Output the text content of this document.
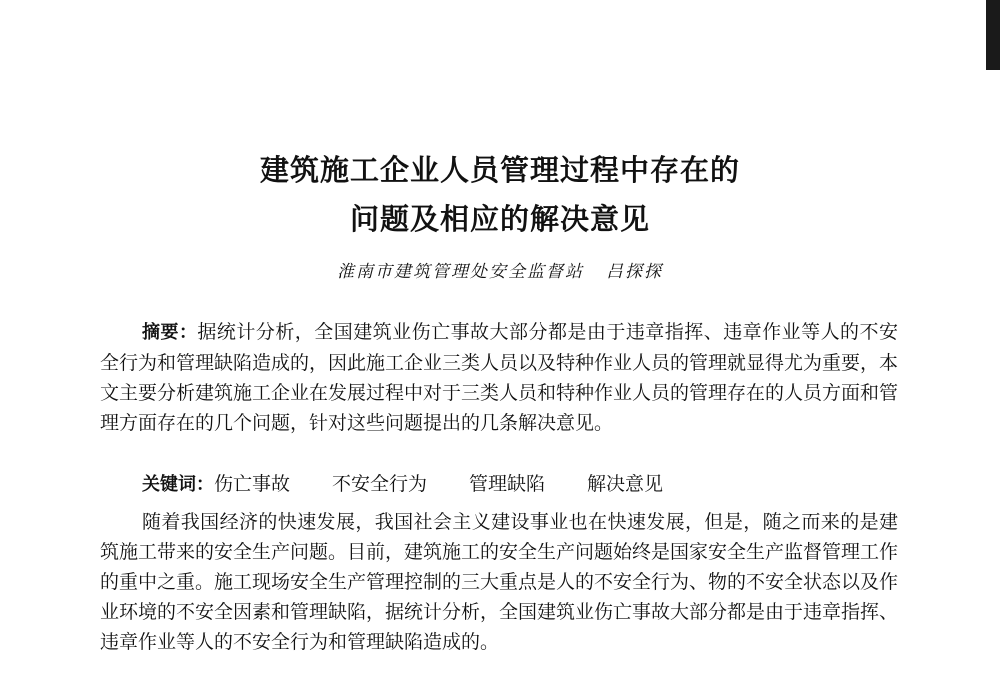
建筑施工企业人员管理过程中存在的
问题及相应的解决意见
淮南市建筑管理处安全监督站 吕探探
摘要：据统计分析，全国建筑业伤亡事故大部分都是由于违章指挥、违章作业等人的不安全行为和管理缺陷造成的，因此施工企业三类人员以及特种作业人员的管理就显得尤为重要，本文主要分析建筑施工企业在发展过程中对于三类人员和特种作业人员的管理存在的人员方面和管理方面存在的几个问题，针对这些问题提出的几条解决意见。
关键词：伤亡事故 不安全行为 管理缺陷 解决意见
随着我国经济的快速发展，我国社会主义建设事业也在快速发展，但是，随之而来的是建筑施工带来的安全生产问题。目前，建筑施工的安全生产问题始终是国家安全生产监督管理工作的重中之重。施工现场安全生产管理控制的三大重点是人的不安全行为、物的不安全状态以及作业环境的不安全因素和管理缺陷，据统计分析，全国建筑业伤亡事故大部分都是由于违章指挥、违章作业等人的不安全行为和管理缺陷造成的。
